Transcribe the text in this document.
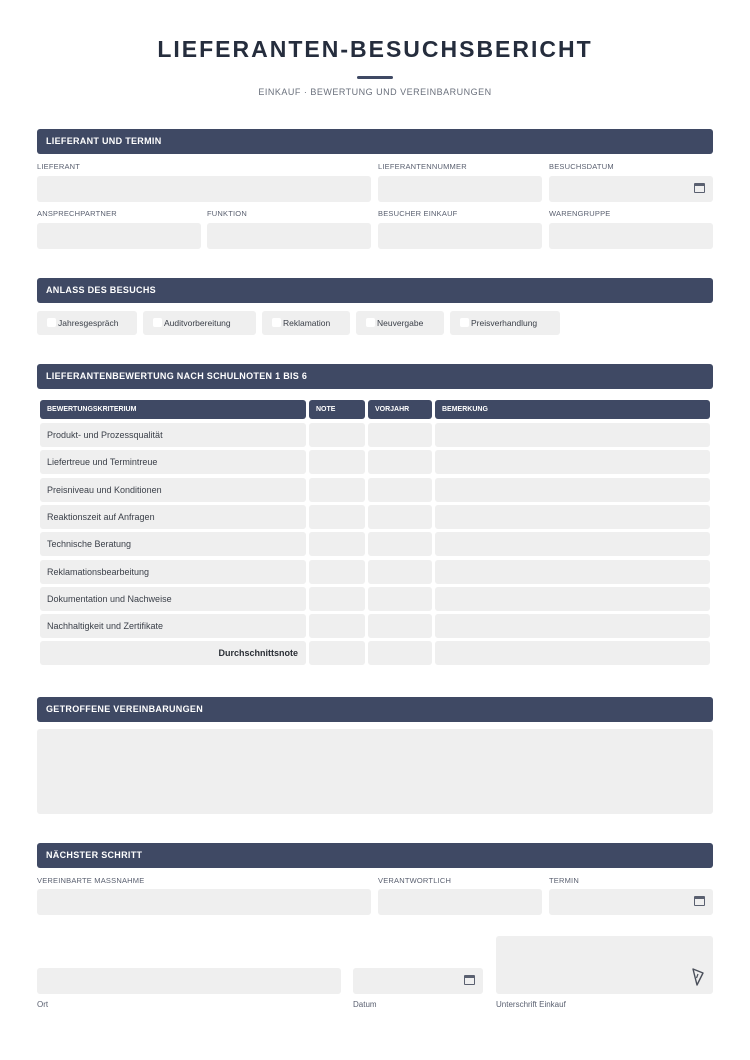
LIEFERANTEN-BESUCHSBERICHT
EINKAUF · BEWERTUNG UND VEREINBARUNGEN
LIEFERANT UND TERMIN
LIEFERANT	LIEFERANTENNUMMER	BESUCHSDATUM
ANSPRECHPARTNER	FUNKTION	BESUCHER EINKAUF	WARENGRUPPE
ANLASS DES BESUCHS
Jahresgespräch	Auditvorbereitung	Reklamation	Neuvergabe	Preisverhandlung
LIEFERANTENBEWERTUNG NACH SCHULNOTEN 1 BIS 6
BEWERTUNGSKRITERIUM	NOTE	VORJAHR	BEMERKUNG
Produkt- und Prozessqualität
Liefertreue und Termintreue
Preisniveau und Konditionen
Reaktionszeit auf Anfragen
Technische Beratung
Reklamationsbearbeitung
Dokumentation und Nachweise
Nachhaltigkeit und Zertifikate
Durchschnittsnote
GETROFFENE VEREINBARUNGEN
NÄCHSTER SCHRITT
VEREINBARTE MASSNAHME	VERANTWORTLICH	TERMIN
Ort	Datum	Unterschrift Einkauf
